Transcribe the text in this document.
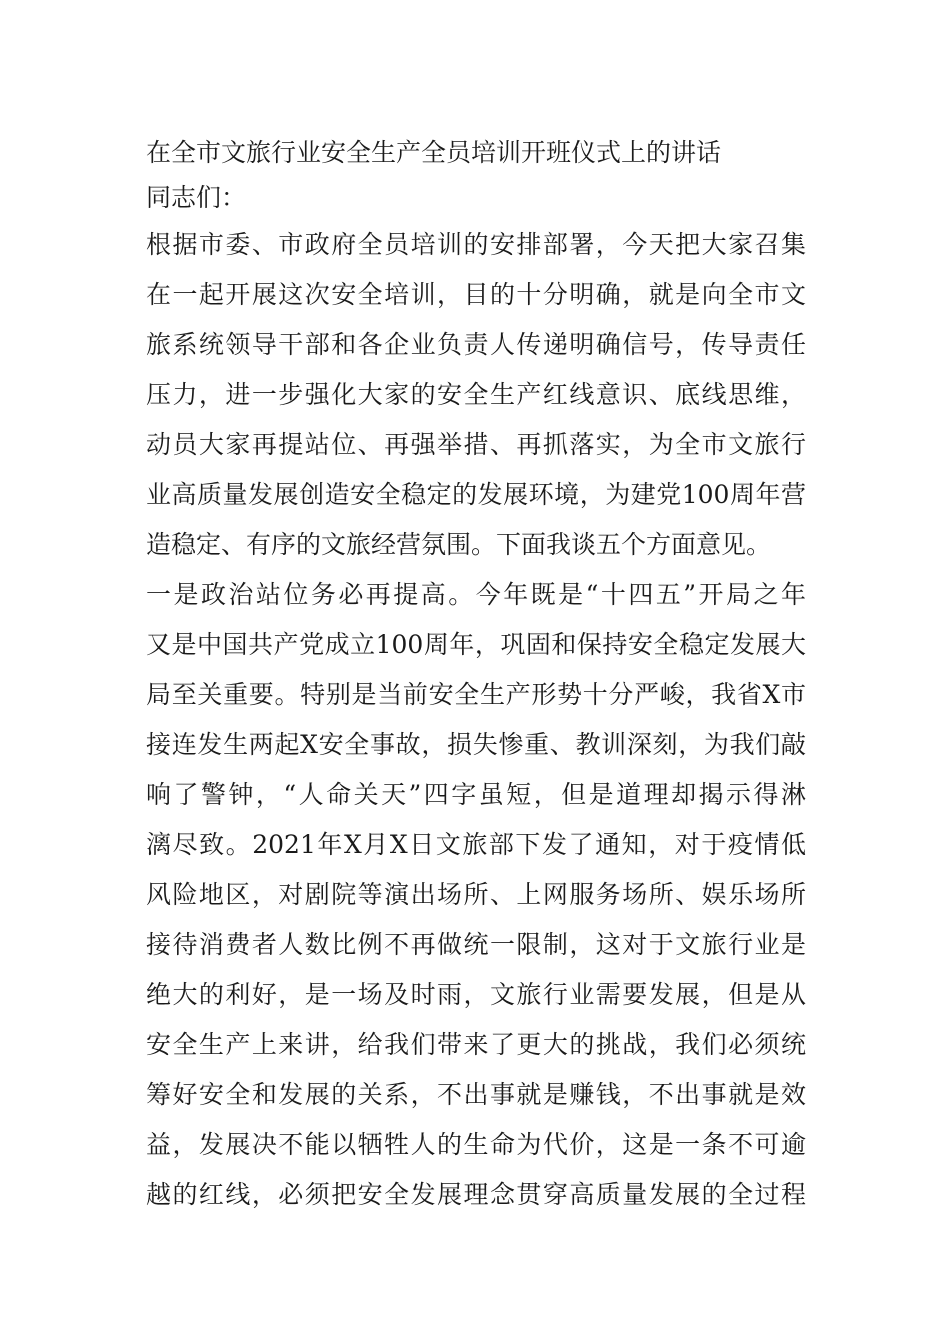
在全市文旅行业安全生产全员培训开班仪式上的讲话

同志们：

根据市委、市政府全员培训的安排部署，今天把大家召集
在一起开展这次安全培训，目的十分明确，就是向全市文
旅系统领导干部和各企业负责人传递明确信号，传导责任
压力，进一步强化大家的安全生产红线意识、底线思维，
动员大家再提站位、再强举措、再抓落实，为全市文旅行
业高质量发展创造安全稳定的发展环境，为建党100周年营
造稳定、有序的文旅经营氛围。下面我谈五个方面意见。

一是政治站位务必再提高。今年既是“十四五”开局之年
又是中国共产党成立100周年，巩固和保持安全稳定发展大
局至关重要。特别是当前安全生产形势十分严峻，我省X市
接连发生两起X安全事故，损失惨重、教训深刻，为我们敲
响了警钟，“人命关天”四字虽短，但是道理却揭示得淋
漓尽致。2021年X月X日文旅部下发了通知，对于疫情低
风险地区，对剧院等演出场所、上网服务场所、娱乐场所
接待消费者人数比例不再做统一限制，这对于文旅行业是
绝大的利好，是一场及时雨，文旅行业需要发展，但是从
安全生产上来讲，给我们带来了更大的挑战，我们必须统
筹好安全和发展的关系，不出事就是赚钱，不出事就是效
益，发展决不能以牺牲人的生命为代价，这是一条不可逾
越的红线，必须把安全发展理念贯穿高质量发展的全过程
